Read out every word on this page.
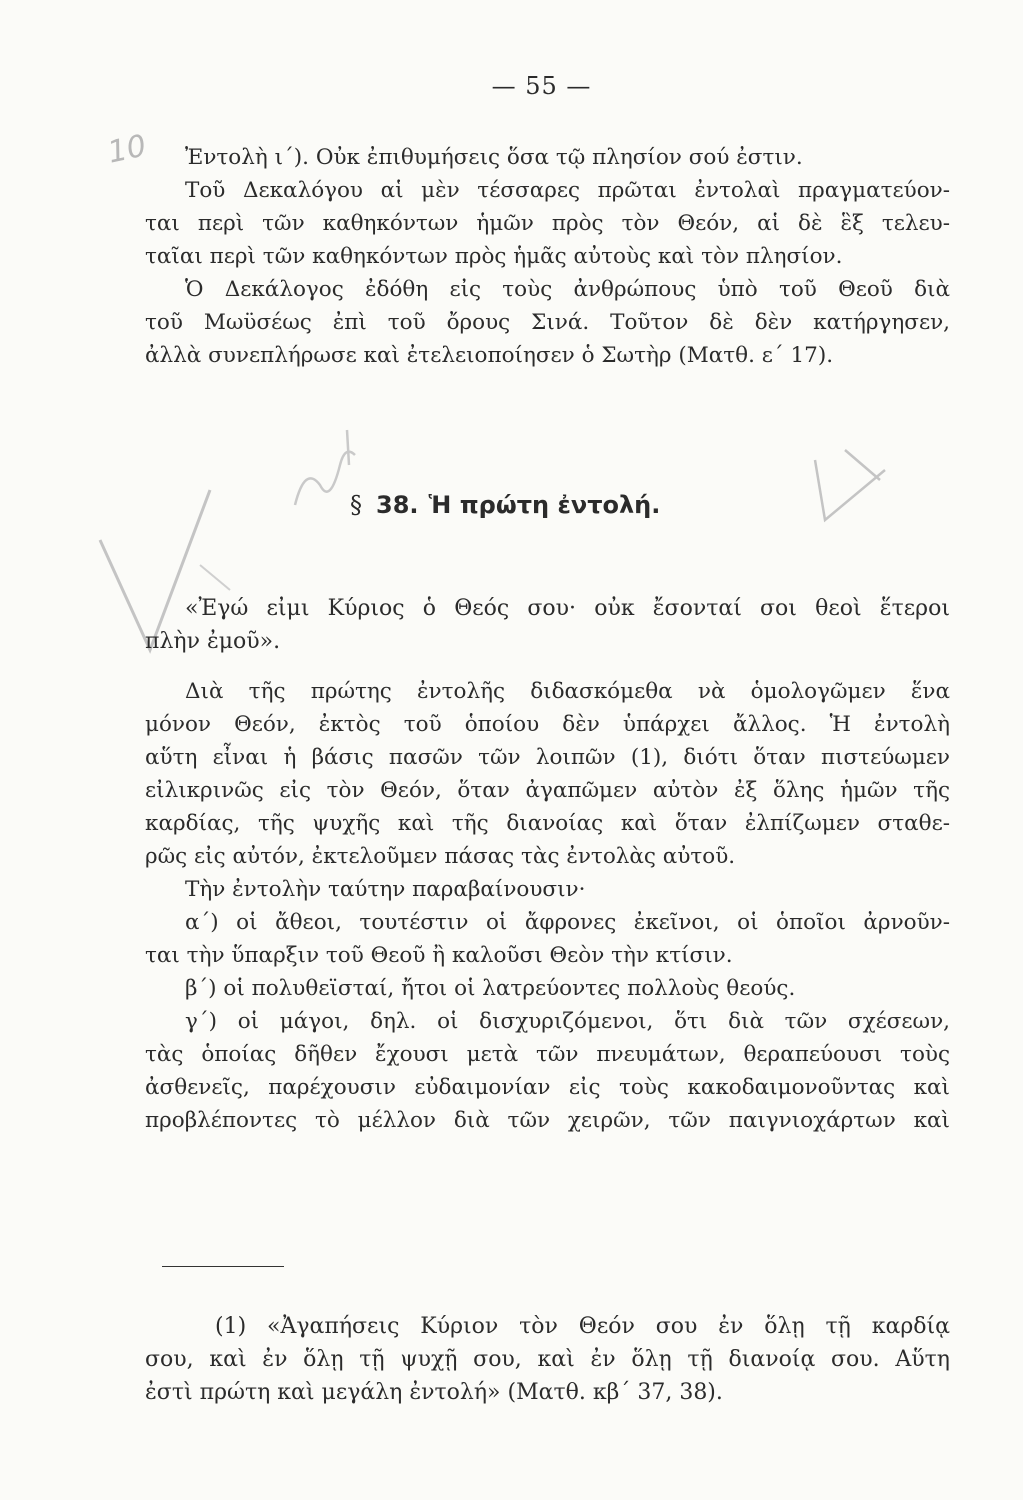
— 55 —
10	Ἐντολὴ ι΄). Οὐκ ἐπιθυμήσεις ὅσα τῷ πλησίον σού ἐστιν.
Τοῦ Δεκαλόγου αἱ μὲν τέσσαρες πρῶται ἐντολαὶ πραγματεύον-
ται περὶ τῶν καθηκόντων ἡμῶν πρὸς τὸν Θεόν, αἱ δὲ ἓξ τελευ-
ταῖαι περὶ τῶν καθηκόντων πρὸς ἡμᾶς αὐτοὺς καὶ τὸν πλησίον.
Ὁ Δεκάλογος ἐδόθη εἰς τοὺς ἀνθρώπους ὑπὸ τοῦ Θεοῦ διὰ
τοῦ Μωϋσέως ἐπὶ τοῦ ὄρους Σινά. Τοῦτον δὲ δὲν κατήργησεν,
ἀλλὰ συνεπλήρωσε καὶ ἐτελειοποίησεν ὁ Σωτὴρ (Ματθ. ε΄ 17).
§ 38. Ἡ πρώτη ἐντολή.
«Ἐγώ εἰμι Κύριος ὁ Θεός σου· οὐκ ἔσονταί σοι θεοὶ ἕτεροι
πλὴν ἐμοῦ».
Διὰ τῆς πρώτης ἐντολῆς διδασκόμεθα νὰ ὁμολογῶμεν ἕνα
μόνον Θεόν, ἐκτὸς τοῦ ὁποίου δὲν ὑπάρχει ἄλλος. Ἡ ἐντολὴ
αὕτη εἶναι ἡ βάσις πασῶν τῶν λοιπῶν (1), διότι ὅταν πιστεύωμεν
εἰλικρινῶς εἰς τὸν Θεόν, ὅταν ἀγαπῶμεν αὐτὸν ἐξ ὅλης ἡμῶν τῆς
καρδίας, τῆς ψυχῆς καὶ τῆς διανοίας καὶ ὅταν ἐλπίζωμεν σταθε-
ρῶς εἰς αὐτόν, ἐκτελοῦμεν πάσας τὰς ἐντολὰς αὐτοῦ.
Τὴν ἐντολὴν ταύτην παραβαίνουσιν·
α΄) οἱ ἄθεοι, τουτέστιν οἱ ἄφρονες ἐκεῖνοι, οἱ ὁποῖοι ἀρνοῦν-
ται τὴν ὕπαρξιν τοῦ Θεοῦ ἢ καλοῦσι Θεὸν τὴν κτίσιν.
β΄) οἱ πολυθεϊσταί, ἤτοι οἱ λατρεύοντες πολλοὺς θεούς.
γ΄) οἱ μάγοι, δηλ. οἱ δισχυριζόμενοι, ὅτι διὰ τῶν σχέσεων,
τὰς ὁποίας δῆθεν ἔχουσι μετὰ τῶν πνευμάτων, θεραπεύουσι τοὺς
ἀσθενεῖς, παρέχουσιν εὐδαιμονίαν εἰς τοὺς κακοδαιμονοῦντας καὶ
προβλέποντες τὸ μέλλον διὰ τῶν χειρῶν, τῶν παιγνιοχάρτων καὶ
(1) «Ἀγαπήσεις Κύριον τὸν Θεόν σου ἐν ὅλῃ τῇ καρδίᾳ
σου, καὶ ἐν ὅλῃ τῇ ψυχῇ σου, καὶ ἐν ὅλῃ τῇ διανοίᾳ σου. Αὕτη
ἐστὶ πρώτη καὶ μεγάλη ἐντολή» (Ματθ. κβ΄ 37, 38).
